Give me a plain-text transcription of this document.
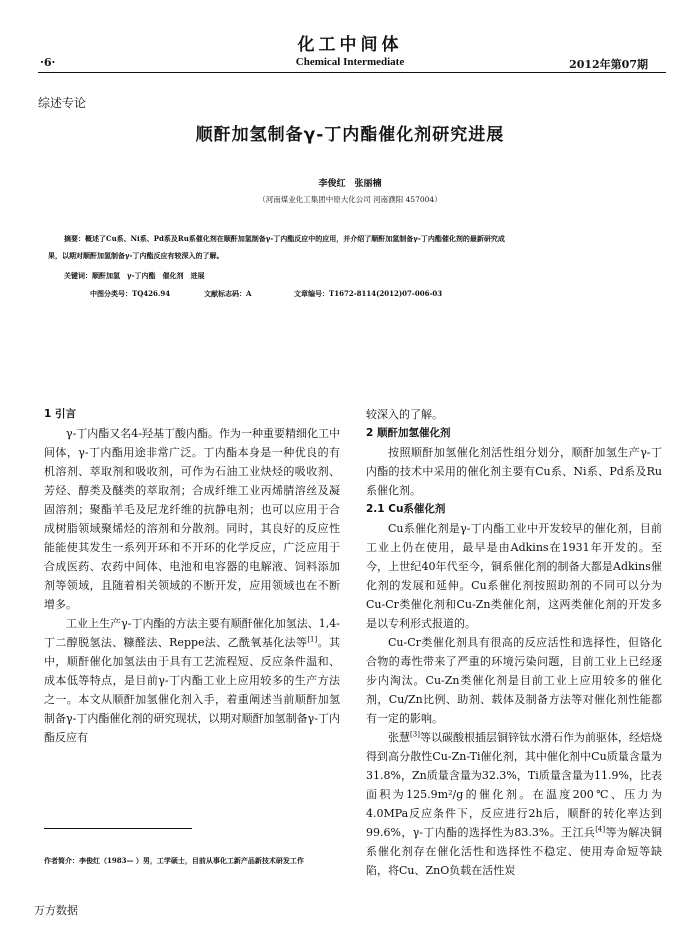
化工中间体
·6·	Chemical Intermediate	2012年第07期
综述专论
顺酐加氢制备γ-丁内酯催化剂研究进展
李俊红　张丽楠
（河南煤业化工集团中原大化公司 河南濮阳 457004）
摘要：概述了Cu系、Ni系、Pd系及Ru系催化剂在顺酐加氢制备γ-丁内酯反应中的应用，并介绍了顺酐加氢制备γ-丁内酯催化剂的最新研究成
果，以期对顺酐加氢制备γ-丁内酯反应有较深入的了解。
关键词：顺酐加氢　γ-丁内酯　催化剂　进展
中图分类号：TQ426.94	文献标志码：A	文章编号：T1672-8114(2012)07-006-03

1 引言

γ-丁内酯又名4-羟基丁酸内酯。作为一种重要精细化工中间体，γ-丁内酯用途非常广泛。丁内酯本身是一种优良的有机溶剂、萃取剂和吸收剂，可作为石油工业炔烃的吸收剂、芳烃、醇类及醚类的萃取剂；合成纤维工业丙烯腈溶丝及凝固溶剂；聚酯羊毛及尼龙纤维的抗静电剂；也可以应用于合成树脂领域聚烯烃的溶剂和分散剂。同时，其良好的反应性能能使其发生一系列开环和不开环的化学反应，广泛应用于合成医药、农药中间体、电池和电容器的电解液、饲料添加剂等领域，且随着相关领域的不断开发，应用领域也在不断增多。

工业上生产γ-丁内酯的方法主要有顺酐催化加氢法、1,4-丁二醇脱氢法、糠醛法、Reppe法、乙酰氧基化法等[1]。其中，顺酐催化加氢法由于具有工艺流程短、反应条件温和、成本低等特点，是目前γ-丁内酯工业上应用较多的生产方法之一。本文从顺酐加氢催化剂入手，着重阐述当前顺酐加氢制备γ-丁内酯催化剂的研究现状，以期对顺酐加氢制备γ-丁内酯反应有

较深入的了解。

2 顺酐加氢催化剂

按照顺酐加氢催化剂活性组分划分，顺酐加氢生产γ-丁内酯的技术中采用的催化剂主要有Cu系、Ni系、Pd系及Ru系催化剂。

2.1 Cu系催化剂

Cu系催化剂是γ-丁内酯工业中开发较早的催化剂，目前工业上仍在使用，最早是由Adkins在1931年开发的。至今，上世纪40年代至今，铜系催化剂的制备大都是Adkins催化剂的发展和延伸。Cu系催化剂按照助剂的不同可以分为Cu-Cr类催化剂和Cu-Zn类催化剂，这两类催化剂的开发多是以专利形式报道的。

Cu-Cr类催化剂具有很高的反应活性和选择性，但铬化合物的毒性带来了严重的环境污染问题，目前工业上已经逐步内淘汰。Cu-Zn类催化剂是目前工业上应用较多的催化剂，Cu/Zn比例、助剂、载体及制备方法等对催化剂性能都有一定的影响。

张慧[3]等以碳酸根插层铜锌钛水滑石作为前驱体，经焙烧得到高分散性Cu-Zn-Ti催化剂，其中催化剂中Cu质量含量为31.8%，Zn质量含量为32.3%，Ti质量含量为11.9%，比表面积为125.9m²/g的催化剂。在温度200℃、压力为4.0MPa反应条件下，反应进行2h后，顺酐的转化率达到99.6%，γ-丁内酯的选择性为83.3%。王江兵[4]等为解决铜系催化剂存在催化活性和选择性不稳定、使用寿命短等缺陷，将Cu、ZnO负载在活性炭

作者简介：李俊红（1983— ）男，工学硕士，目前从事化工新产品新技术研发工作
万方数据
